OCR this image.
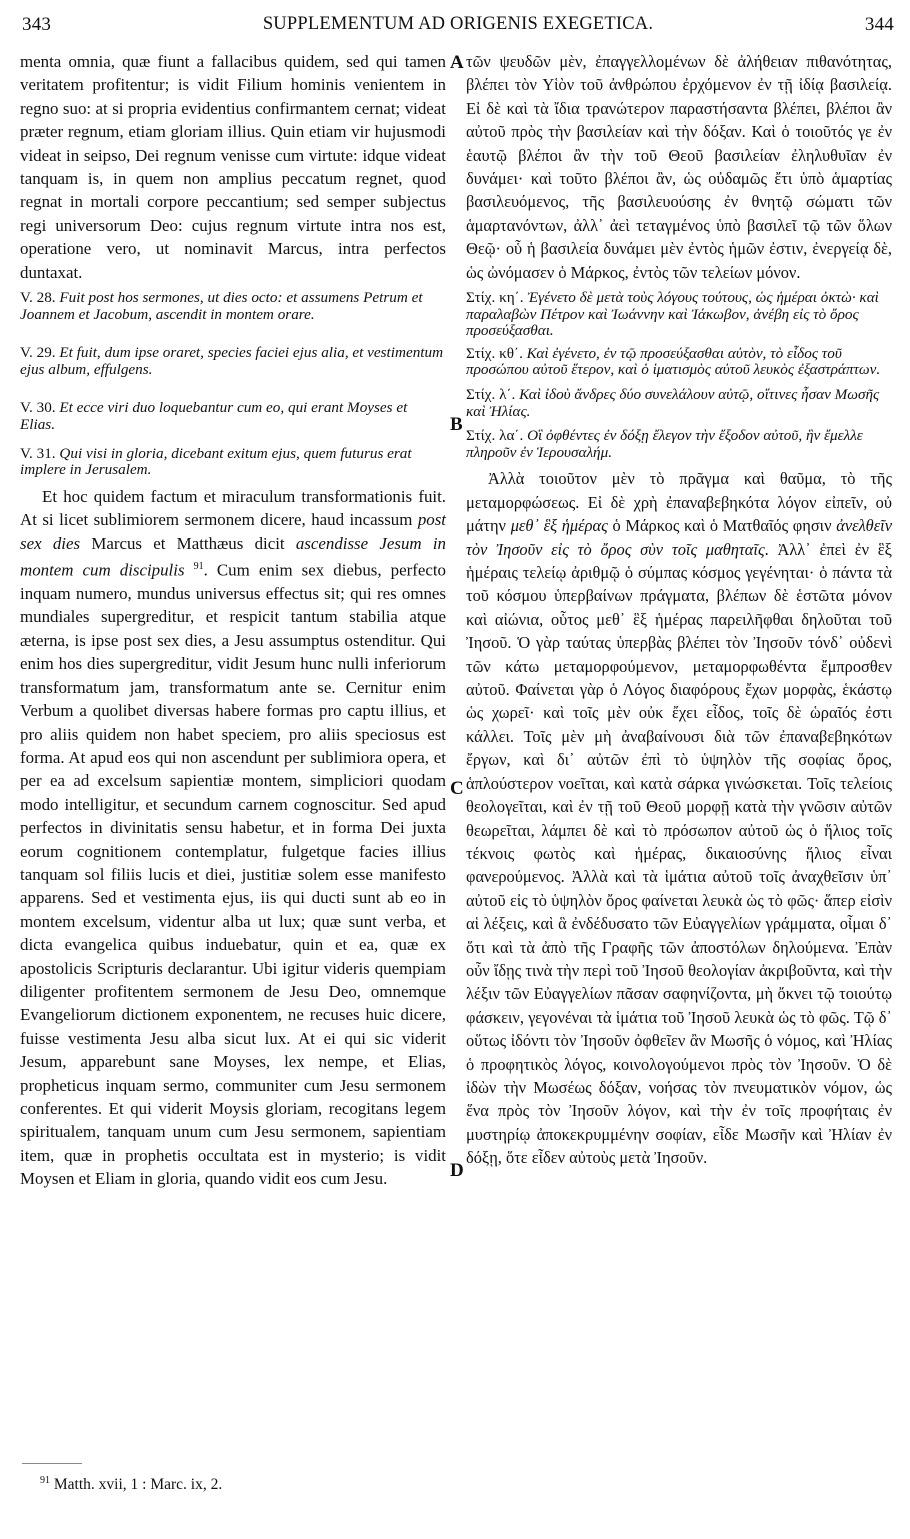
343	SUPPLEMENTUM AD ORIGENIS EXEGETICA.	344

menta omnia, quæ fiunt a fallacibus quidem, sed qui tamen veritatem profitentur; is vidit Filium hominis venientem in regno suo: at si propria evidentius confirmantem cernat; videat præter regnum, etiam gloriam illius. Quin etiam vir hujusmodi videat in seipso, Dei regnum venisse cum virtute: idque videat tanquam is, in quem non amplius peccatum regnet, quod regnat in mortali corpore peccantium; sed semper subjectus regi universorum Deo: cujus regnum virtute intra nos est, operatione vero, ut nominavit Marcus, intra perfectos duntaxat.

V. 28. Fuit post hos sermones, ut dies octo: et assumens Petrum et Joannem et Jacobum, ascendit in montem orare.

V. 29. Et fuit, dum ipse oraret, species faciei ejus alia, et vestimentum ejus album, effulgens.

V. 30. Et ecce viri duo loquebantur cum eo, qui erant Moyses et Elias.

V. 31. Qui visi in gloria, dicebant exitum ejus, quem futurus erat implere in Jerusalem.

Et hoc quidem factum et miraculum transformationis fuit. At si licet sublimiorem sermonem dicere, haud incassum post sex dies Marcus et Matthæus dicit ascendisse Jesum in montem cum discipulis $^{91}$. Cum enim sex diebus, perfecto inquam numero, mundus universus effectus sit; qui res omnes mundiales supergreditur, et respicit tantum stabilia atque æterna, is ipse post sex dies, a Jesu assumptus ostenditur. Qui enim hos dies supergreditur, vidit Jesum hunc nulli inferiorum transformatum jam, transformatum ante se. Cernitur enim Verbum a quolibet diversas habere formas pro captu illius, et pro aliis quidem non habet speciem, pro aliis speciosus est forma. At apud eos qui non ascendunt per sublimiora opera, et per ea ad excelsum sapientiæ montem, simpliciori quodam modo intelligitur, et secundum carnem cognoscitur. Sed apud perfectos in divinitatis sensu habetur, et in forma Dei juxta eorum cognitionem contemplatur, fulgetque facies illius tanquam sol filiis lucis et diei, justitiæ solem esse manifesto apparens. Sed et vestimenta ejus, iis qui ducti sunt ab eo in montem excelsum, videntur alba ut lux; quæ sunt verba, et dicta evangelica quibus induebatur, quin et ea, quæ ex apostolicis Scripturis declarantur. Ubi igitur videris quempiam diligenter profitentem sermonem de Jesu Deo, omnemque Evangeliorum dictionem exponentem, ne recuses huic dicere, fuisse vestimenta Jesu alba sicut lux. At ei qui sic viderit Jesum, apparebunt sane Moyses, lex nempe, et Elias, propheticus inquam sermo, communiter cum Jesu sermonem conferentes. Et qui viderit Moysis gloriam, recogitans legem spiritualem, tanquam unum cum Jesu sermonem, sapientiam item, quæ in prophetis occultata est in mysterio; is vidit Moysen et Eliam in gloria, quando vidit eos cum Jesu.

τῶν ψευδῶν μὲν, ἐπαγγελλομένων δὲ ἀλήθειαν πιθανότητας, βλέπει τὸν Υἱὸν τοῦ ἀνθρώπου ἐρχόμενον ἐν τῇ ἰδίᾳ βασιλείᾳ. Εἰ δὲ καὶ τὰ ἴδια τρανώτερον παραστήσαντα βλέπει, βλέποι ἂν αὐτοῦ πρὸς τὴν βασιλείαν καὶ τὴν δόξαν. Καὶ ὁ τοιοῦτός γε ἐν ἑαυτῷ βλέποι ἂν τὴν τοῦ Θεοῦ βασιλείαν ἐληλυθυῖαν ἐν δυνάμει· καὶ τοῦτο βλέποι ἂν, ὡς οὐδαμῶς ἔτι ὑπὸ ἁμαρτίας βασιλευόμενος, τῆς βασιλευούσης ἐν θνητῷ σώματι τῶν ἁμαρτανόντων, ἀλλ᾽ ἀεὶ τεταγμένος ὑπὸ βασιλεῖ τῷ τῶν ὅλων Θεῷ· οὗ ἡ βασιλεία δυνάμει μὲν ἐντὸς ἡμῶν ἐστιν, ἐνεργείᾳ δὲ, ὡς ὠνόμασεν ὁ Μάρκος, ἐντὸς τῶν τελείων μόνον.

Στίχ. κη΄. Ἐγένετο δὲ μετὰ τοὺς λόγους τούτους, ὡς ἡμέραι ὀκτὼ· καὶ παραλαβὼν Πέτρον καὶ Ἰωάννην καὶ Ἰάκωβον, ἀνέβη εἰς τὸ ὄρος προσεύξασθαι.

Στίχ. κθ΄. Καὶ ἐγένετο, ἐν τῷ προσεύξασθαι αὐτὸν, τὸ εἶδος τοῦ προσώπου αὐτοῦ ἕτερον, καὶ ὁ ἱματισμὸς αὐτοῦ λευκὸς ἐξαστράπτων.

Στίχ. λ΄. Καὶ ἰδοὺ ἄνδρες δύο συνελάλουν αὐτῷ, οἵτινες ἦσαν Μωσῆς καὶ Ἠλίας.

Στίχ. λα΄. Οἳ ὀφθέντες ἐν δόξῃ ἔλεγον τὴν ἔξοδον αὐτοῦ, ἣν ἔμελλε πληροῦν ἐν Ἱερουσαλήμ.

Ἀλλὰ τοιοῦτον μὲν τὸ πρᾶγμα καὶ θαῦμα, τὸ τῆς μεταμορφώσεως. Εἰ δὲ χρὴ ἐπαναβεβηκότα λόγον εἰπεῖν, οὐ μάτην μεθ᾽ ἓξ ἡμέρας ὁ Μάρκος καὶ ὁ Ματθαῖός φησιν ἀνελθεῖν τὸν Ἰησοῦν εἰς τὸ ὄρος σὺν τοῖς μαθηταῖς. Ἀλλ᾽ ἐπεὶ ἐν ἓξ ἡμέραις τελείῳ ἀριθμῷ ὁ σύμπας κόσμος γεγένηται· ὁ πάντα τὰ τοῦ κόσμου ὑπερβαίνων πράγματα, βλέπων δὲ ἑστῶτα μόνον καὶ αἰώνια, οὗτος μεθ᾽ ἓξ ἡμέρας παρειλῆφθαι δηλοῦται τοῦ Ἰησοῦ. Ὁ γὰρ ταύτας ὑπερβὰς βλέπει τὸν Ἰησοῦν τόνδ᾽ οὐδενὶ τῶν κάτω μεταμορφούμενον, μεταμορφωθέντα ἔμπροσθεν αὐτοῦ. Φαίνεται γὰρ ὁ Λόγος διαφόρους ἔχων μορφὰς, ἑκάστῳ ὡς χωρεῖ· καὶ τοῖς μὲν οὐκ ἔχει εἶδος, τοῖς δὲ ὡραῖός ἐστι κάλλει. Τοῖς μὲν μὴ ἀναβαίνουσι διὰ τῶν ἐπαναβεβηκότων ἔργων, καὶ δι᾽ αὐτῶν ἐπὶ τὸ ὑψηλὸν τῆς σοφίας ὄρος, ἁπλούστερον νοεῖται, καὶ κατὰ σάρκα γινώσκεται. Τοῖς τελείοις θεολογεῖται, καὶ ἐν τῇ τοῦ Θεοῦ μορφῇ κατὰ τὴν γνῶσιν αὐτῶν θεωρεῖται, λάμπει δὲ καὶ τὸ πρόσωπον αὐτοῦ ὡς ὁ ἥλιος τοῖς τέκνοις φωτὸς καὶ ἡμέρας, δικαιοσύνης ἥλιος εἶναι φανερούμενος. Ἀλλὰ καὶ τὰ ἱμάτια αὐτοῦ τοῖς ἀναχθεῖσιν ὑπ᾽ αὐτοῦ εἰς τὸ ὑψηλὸν ὄρος φαίνεται λευκὰ ὡς τὸ φῶς· ἅπερ εἰσὶν αἱ λέξεις, καὶ ἃ ἐνδέδυσατο τῶν Εὐαγγελίων γράμματα, οἶμαι δ᾽ ὅτι καὶ τὰ ἀπὸ τῆς Γραφῆς τῶν ἀποστόλων δηλούμενα. Ἐπὰν οὖν ἴδῃς τινὰ τὴν περὶ τοῦ Ἰησοῦ θεολογίαν ἀκριβοῦντα, καὶ τὴν λέξιν τῶν Εὐαγγελίων πᾶσαν σαφηνίζοντα, μὴ ὄκνει τῷ τοιούτῳ φάσκειν, γεγονέναι τὰ ἱμάτια τοῦ Ἰησοῦ λευκὰ ὡς τὸ φῶς. Τῷ δ᾽ οὕτως ἰδόντι τὸν Ἰησοῦν ὀφθεῖεν ἂν Μωσῆς ὁ νόμος, καὶ Ἠλίας ὁ προφητικὸς λόγος, κοινολογούμενοι πρὸς τὸν Ἰησοῦν. Ὁ δὲ ἰδὼν τὴν Μωσέως δόξαν, νοήσας τὸν πνευματικὸν νόμον, ὡς ἕνα πρὸς τὸν Ἰησοῦν λόγον, καὶ τὴν ἐν τοῖς προφήταις ἐν μυστηρίῳ ἀποκεκρυμμένην σοφίαν, εἶδε Μωσῆν καὶ Ἠλίαν ἐν δόξῃ, ὅτε εἶδεν αὐτοὺς μετὰ Ἰησοῦν.

A
B
C
D
$^{91}$ Matth. xvii, 1 : Marc. ix, 2.
